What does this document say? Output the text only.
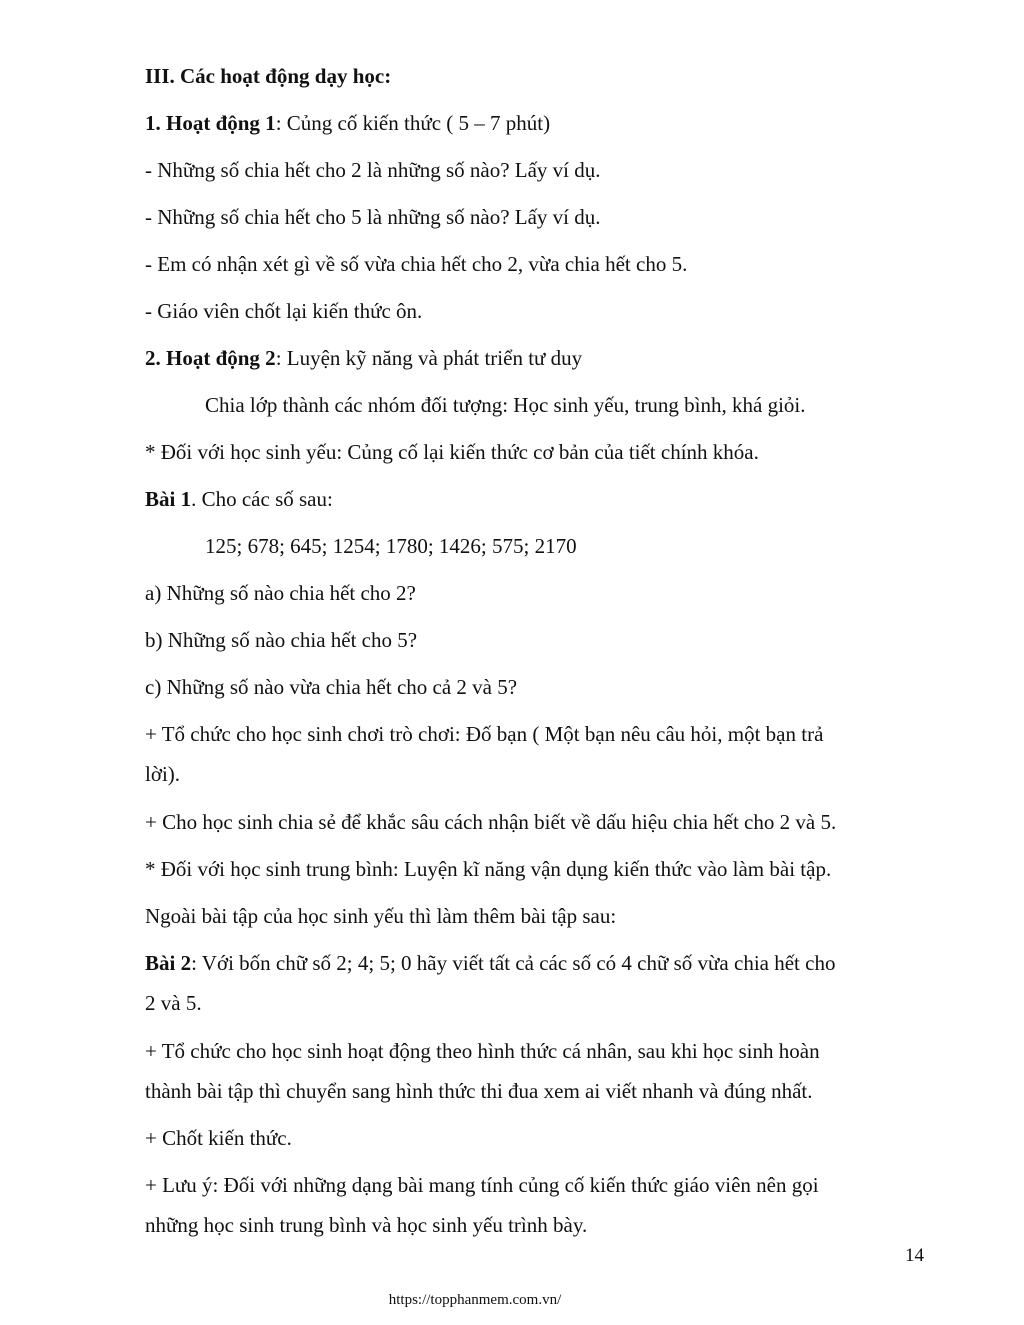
III. Các hoạt động dạy học:
1. Hoạt động 1: Củng cố kiến thức ( 5 – 7 phút)
- Những số chia hết cho 2 là những số nào? Lấy ví dụ.
- Những số chia hết cho 5 là những số nào? Lấy ví dụ.
- Em có nhận xét gì về số vừa chia hết cho 2, vừa chia hết cho 5.
- Giáo viên chốt lại kiến thức ôn.
2. Hoạt động 2: Luyện kỹ năng và phát triển tư duy
Chia lớp thành các nhóm đối tượng: Học sinh yếu, trung bình, khá giỏi.
* Đối với học sinh yếu: Củng cố lại kiến thức cơ bản của tiết chính khóa.
Bài 1. Cho các số sau:
125; 678; 645; 1254; 1780; 1426; 575; 2170
a) Những số nào chia hết cho 2?
b) Những số nào chia hết cho 5?
c) Những số nào vừa chia hết cho cả 2 và 5?
+ Tổ chức cho học sinh chơi trò chơi: Đố bạn ( Một bạn nêu câu hỏi, một bạn trả
lời).
+ Cho học sinh chia sẻ để khắc sâu cách nhận biết về dấu hiệu chia hết cho 2 và 5.
* Đối với học sinh trung bình: Luyện kĩ năng vận dụng kiến thức vào làm bài tập.
Ngoài bài tập của học sinh yếu thì làm thêm bài tập sau:
Bài 2: Với bốn chữ số 2; 4; 5; 0 hãy viết tất cả các số có 4 chữ số vừa chia hết cho
2 và 5.
+ Tổ chức cho học sinh hoạt động theo hình thức cá nhân, sau khi học sinh hoàn
thành bài tập thì chuyển sang hình thức thi đua xem ai viết nhanh và đúng nhất.
+ Chốt kiến thức.
+ Lưu ý: Đối với những dạng bài mang tính củng cố kiến thức giáo viên nên gọi
những học sinh trung bình và học sinh yếu trình bày.
14
https://topphanmem.com.vn/
